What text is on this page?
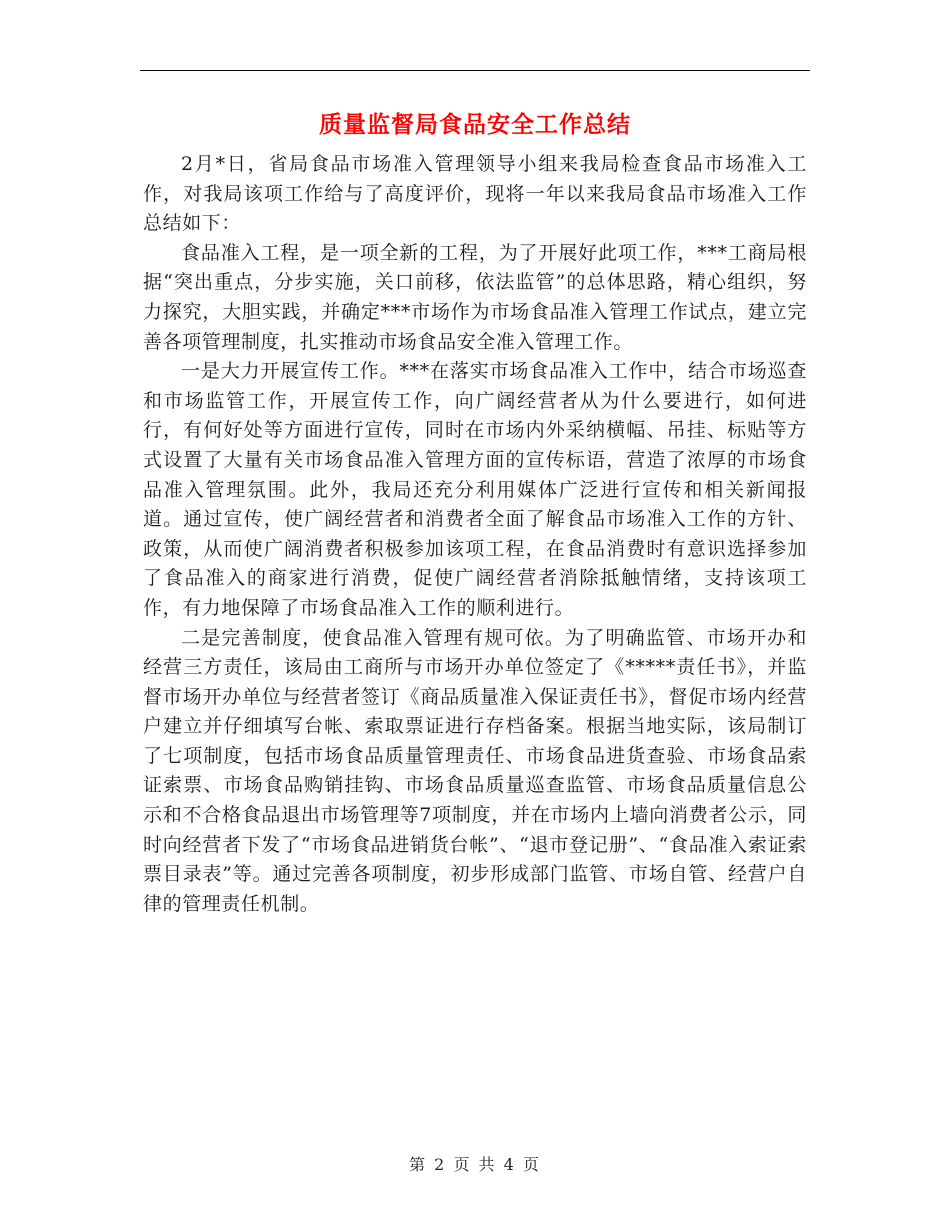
质量监督局食品安全工作总结

2月*日，省局食品市场准入管理领导小组来我局检查食品市场准入工作，对我局该项工作给与了高度评价，现将一年以来我局食品市场准入工作总结如下：

食品准入工程，是一项全新的工程，为了开展好此项工作，***工商局根据“突出重点，分步实施，关口前移，依法监管”的总体思路，精心组织，努力探究，大胆实践，并确定***市场作为市场食品准入管理工作试点，建立完善各项管理制度，扎实推动市场食品安全准入管理工作。

一是大力开展宣传工作。***在落实市场食品准入工作中，结合市场巡查和市场监管工作，开展宣传工作，向广阔经营者从为什么要进行，如何进行，有何好处等方面进行宣传，同时在市场内外采纳横幅、吊挂、标贴等方式设置了大量有关市场食品准入管理方面的宣传标语，营造了浓厚的市场食品准入管理氛围。此外，我局还充分利用媒体广泛进行宣传和相关新闻报道。通过宣传，使广阔经营者和消费者全面了解食品市场准入工作的方针、政策，从而使广阔消费者积极参加该项工程，在食品消费时有意识选择参加了食品准入的商家进行消费，促使广阔经营者消除抵触情绪，支持该项工作，有力地保障了市场食品准入工作的顺利进行。

二是完善制度，使食品准入管理有规可依。为了明确监管、市场开办和经营三方责任，该局由工商所与市场开办单位签定了《*****责任书》，并监督市场开办单位与经营者签订《商品质量准入保证责任书》，督促市场内经营户建立并仔细填写台帐、索取票证进行存档备案。根据当地实际，该局制订了七项制度，包括市场食品质量管理责任、市场食品进货查验、市场食品索证索票、市场食品购销挂钩、市场食品质量巡查监管、市场食品质量信息公示和不合格食品退出市场管理等7项制度，并在市场内上墙向消费者公示，同时向经营者下发了“市场食品进销货台帐”、“退市登记册”、“食品准入索证索票目录表”等。通过完善各项制度，初步形成部门监管、市场自管、经营户自律的管理责任机制。

第 2 页 共 4 页
